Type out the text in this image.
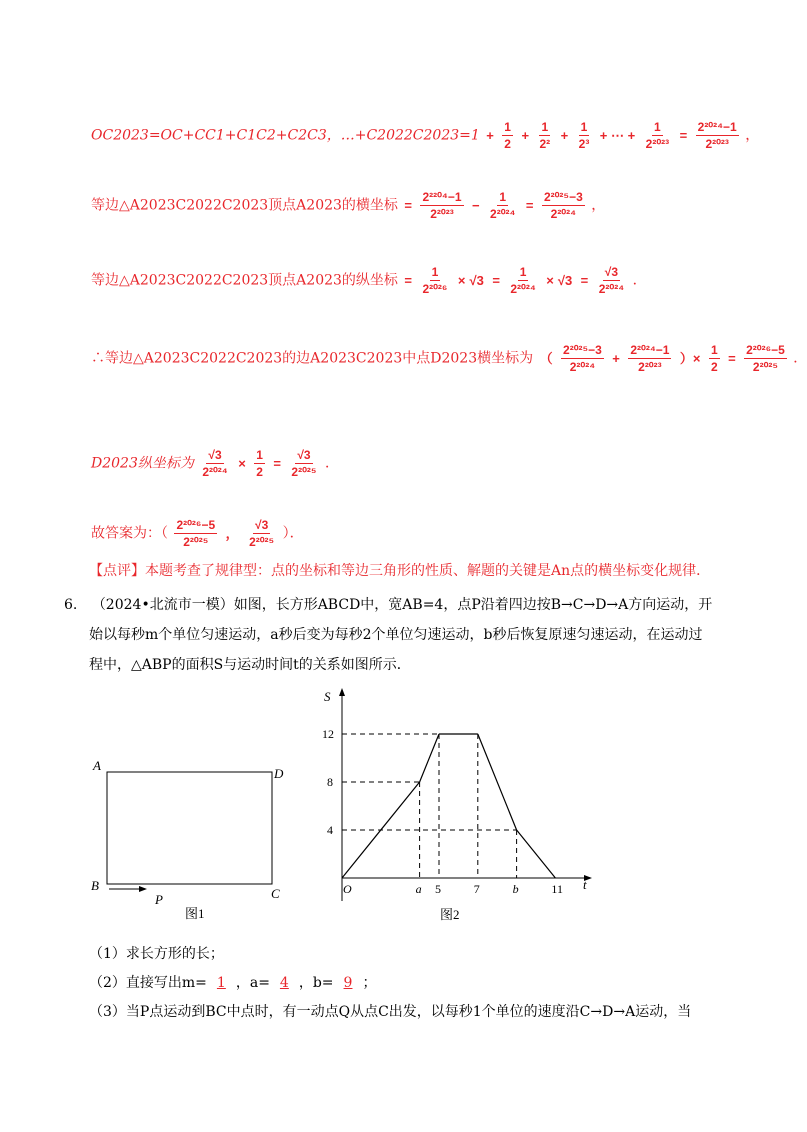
OC2023=OC+CC1+C1C2+C2C3，…+C2022C2023=1 + $\frac{1}{2} + \frac{1}{\text{2²}} + \frac{1}{\text{2³}}$ + ⋯ + $\frac{1}{\text{2²⁰²³}} = \frac{\text{2²⁰²⁴−1}}{\text{2²⁰²³}}$ ，
等边△A2023C2022C2023顶点A2023的横坐标 = $\frac{\text{2²²⁰⁴−1}}{\text{2²⁰²³}} - \frac{1}{\text{2²⁰²⁴}} = \frac{\text{2²⁰²⁵−3}}{\text{2²⁰²⁴}}$ ，
等边△A2023C2022C2023顶点A2023的纵坐标 = $\frac{1}{\text{2²⁰²⁶}} \times √3 = \frac{1}{\text{2²⁰²⁴}} \times √3 = \frac{√3}{\text{2²⁰²⁴}}$ ．
∴等边△A2023C2022C2023的边A2023C2023中点D2023横坐标为 （ $\frac{\text{2²⁰²⁵−3}}{\text{2²⁰²⁴}} + \frac{\text{2²⁰²⁴−1}}{\text{2²⁰²³}}$ ）× $\frac{1}{2} = \frac{\text{2²⁰²⁶−5}}{\text{2²⁰²⁵}}$ ．
D2023纵坐标为 $\frac{√3}{\text{2²⁰²⁴}} \times \frac{1}{2} = \frac{√3}{\text{2²⁰²⁵}}$ ．
故答案为：（ $\frac{\text{2²⁰²⁶−5}}{\text{2²⁰²⁵}}$ ， $\frac{√3}{\text{2²⁰²⁵}}$ ）．
【点评】本题考查了规律型：点的坐标和等边三角形的性质、解题的关键是An点的横坐标变化规律．
6. （2024•北流市一模）如图，长方形ABCD中，宽AB=4，点P沿着四边按B→C→D→A方向运动，开
始以每秒m个单位匀速运动，a秒后变为每秒2个单位匀速运动，b秒后恢复原速匀速运动，在运动过
程中，△ABP的面积S与运动时间t的关系如图所示．
A
D
B
C
P
图1
S
t
O
图2
a 5	7	b	11
4
8
12
（1）求长方形的长；
（2）直接写出m= 1 ，a= 4 ，b= 9 ；
（3）当P点运动到BC中点时，有一动点Q从点C出发，以每秒1个单位的速度沿C→D→A运动，当
